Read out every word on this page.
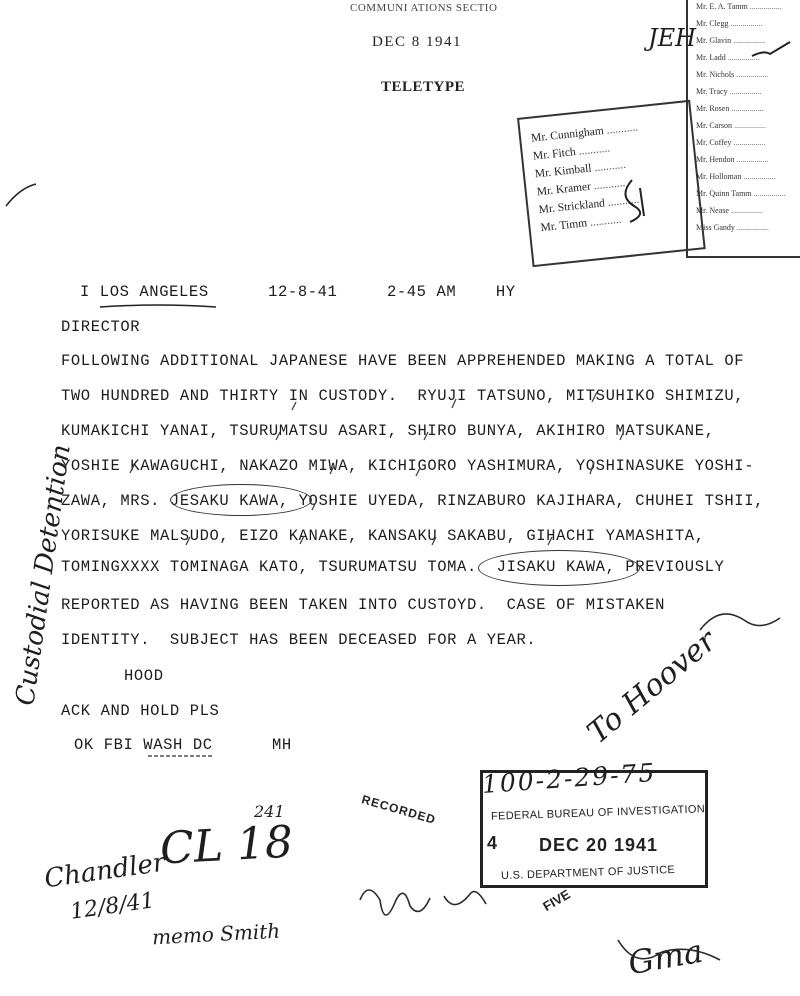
COMMUNI ATIONS SECTIO
DEC 8 1941
TELETYPE
JEH
Mr. E. A. Tamm .....
Mr. Clegg .....
Mr. Glavin .....
Mr. Ladd .....
Mr. Nichols .....
Mr. Tracy .....
Mr. Rosen .....
Mr. Carson .....
Mr. Coffey .....
Mr. Hendon .....
Mr. Holloman .....
Mr. Quinn Tamm .....
Mr. Nease .....
Miss Gandy .....
Mr. Cunnigham .....
Mr. Fitch .....
Mr. Kimball .....
Mr. Kramer .....
Mr. Strickland .....
Mr. Timm .....
I LOS ANGELES      12-8-41     2-45 AM    HY
DIRECTOR
FOLLOWING ADDITIONAL JAPANESE HAVE BEEN APPREHENDED MAKING A TOTAL OF
TWO HUNDRED AND THIRTY IN CUSTODY.  RYUJI TATSUNO, MITSUHIKO SHIMIZU,
KUMAKICHI YANAI, TSURUMATSU ASARI, SHIRO BUNYA, AKIHIRO MATSUKANE,
YOSHIE KAWAGUCHI, NAKAZO MIWA, KICHIGORO YASHIMURA, YOSHINASUKE YOSHI-
ZAWA, MRS. JESAKU KAWA, YOSHIE UYEDA, RINZABURO KAJIHARA, CHUHEI TSHII,
YORISUKE MALSUDO, EIZO KANAKE, KANSAKU SAKABU, GIHACHI YAMASHITA,
TOMINGXXXX TOMINAGA KATO, TSURUMATSU TOMA.  JISAKU KAWA, PREVIOUSLY
REPORTED AS HAVING BEEN TAKEN INTO CUSTOYD.  CASE OF MISTAKEN
IDENTITY.  SUBJECT HAS BEEN DECEASED FOR A YEAR.
HOOD
ACK AND HOLD PLS
OK FBI WASH DC      MH
Custodial Detention
RECORDED	FEDERAL BUREAU OF INVESTIGATION
4 DEC 20 1941
U.S. DEPARTMENT OF JUSTICE
100-2-29-75
FIVE
241
CL 18
Chandler
12/8/41
memo Smith	Gma
To Hoover
